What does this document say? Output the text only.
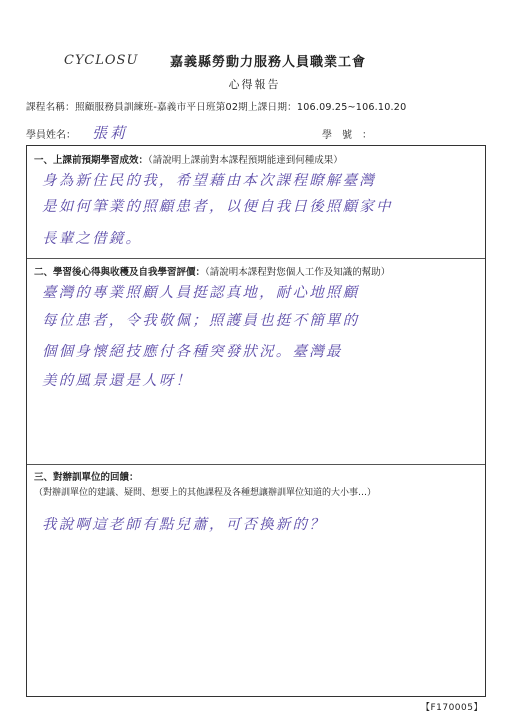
CYCLOSU 嘉義縣勞動力服務人員職業工會
心得報告
課程名稱：照顧服務員訓練班-嘉義市平日班第02期上課日期：106.09.25~106.10.20
學員姓名： 張莉	學號：
一、上課前預期學習成效：（請說明上課前對本課程預期能達到何種成果）
身為新住民的我，希望藉由本次課程瞭解臺灣
是如何筆業的照顧患者，以便自我日後照顧家中
長輩之借鏡。
二、學習後心得與收穫及自我學習評價：（請說明本課程對您個人工作及知識的幫助）
臺灣的專業照顧人員挺認真地，耐心地照顧
每位患者，令我敬佩；照護員也挺不簡單的
個個身懷絕技應付各種突發狀況。臺灣最
美的風景還是人呀！
三、對辦訓單位的回饋：
（對辦訓單位的建議、疑問、想要上的其他課程及各種想讓辦訓單位知道的大小事…）
我說啊這老師有點兒蕭，可否換新的？
【F170005】
